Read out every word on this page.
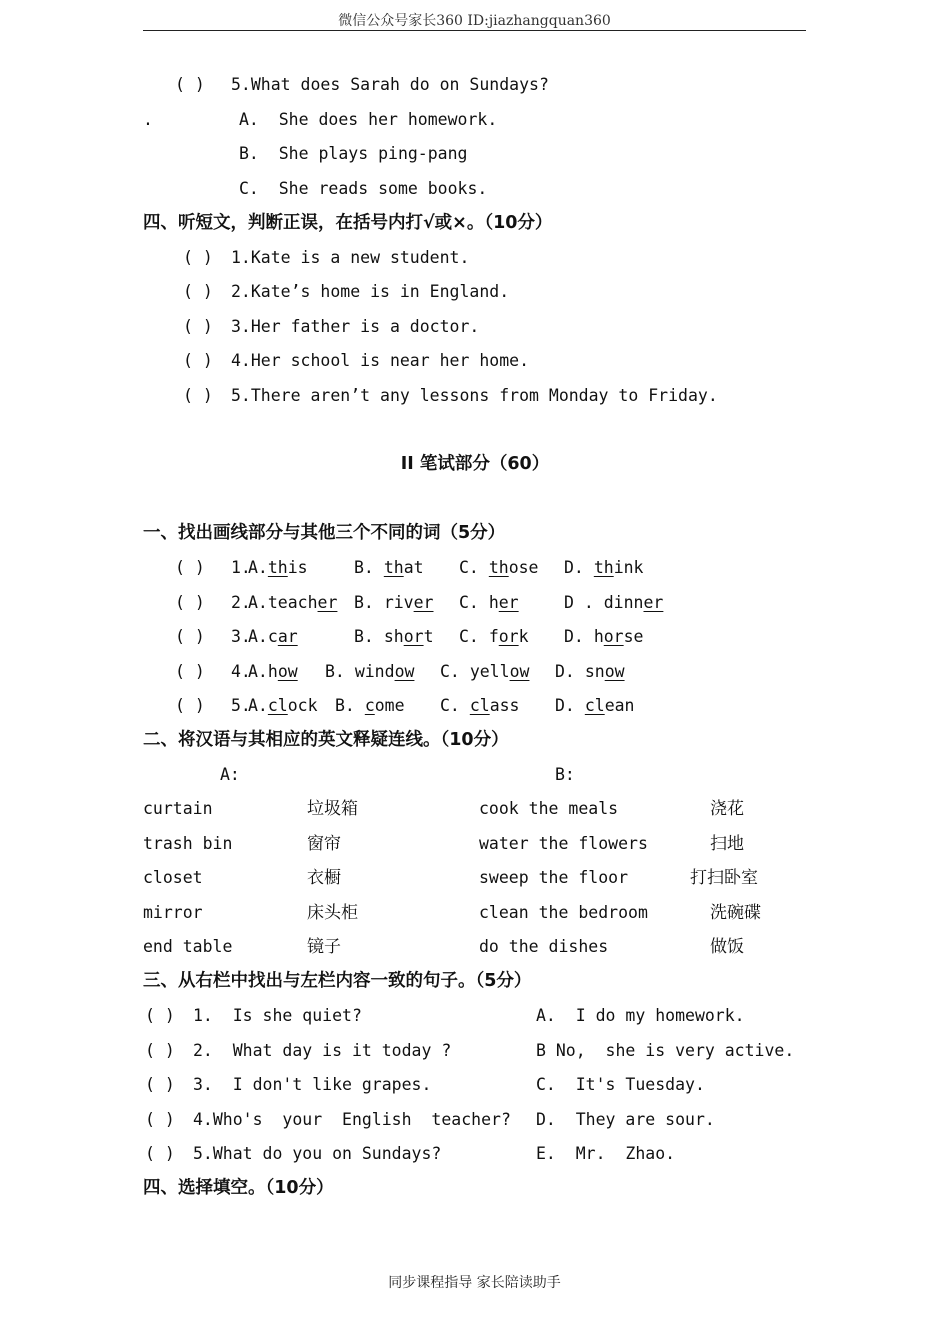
微信公众号家长360 ID:jiazhangquan360
( ) 5.What does Sarah do on Sundays?
.	A.  She does her homework.
B.  She plays ping-pang
C.  She reads some books.
四、听短文，判断正误，在括号内打√或×。（10分）
( ) 1.Kate is a new student.
( ) 2.Kate’s home is in England.
( ) 3.Her father is a doctor.
( ) 4.Her school is near her home.
( ) 5.There aren’t any lessons from Monday to Friday.
II 笔试部分（60）
一、找出画线部分与其他三个不同的词（5分）
( ) 1.
A.this	B. that C. those D. think
( ) 2.
A.teacher B. river C. her	D . dinner
( ) 3.
A.car	B. short C. fork D. horse
( ) 4.
A.how B. window C. yellow D. snow
( ) 5.
A.clock B. come C. class D. clean
二、将汉语与其相应的英文释疑连线。（10分）
A:	B:
curtain	垃圾箱	cook the meals	浇花
trash bin	窗帘	water the flowers	扫地
closet	衣橱	sweep the floor	打扫卧室
mirror	床头柜	clean the bedroom	洗碗碟
end table	镜子	do the dishes	做饭
三、从右栏中找出与左栏内容一致的句子。（5分）
( ) 1.  Is she quiet?	A.  I do my homework.
( ) 2.  What day is it today ?	B No,  she is very active.
( ) 3.  I don't like grapes.	C.  It's Tuesday.
( ) 4.Who's  your  English  teacher? D.  They are sour.
( ) 5.What do you on Sundays?	E.  Mr.  Zhao.
四、选择填空。（10分）
同步课程指导 家长陪读助手
